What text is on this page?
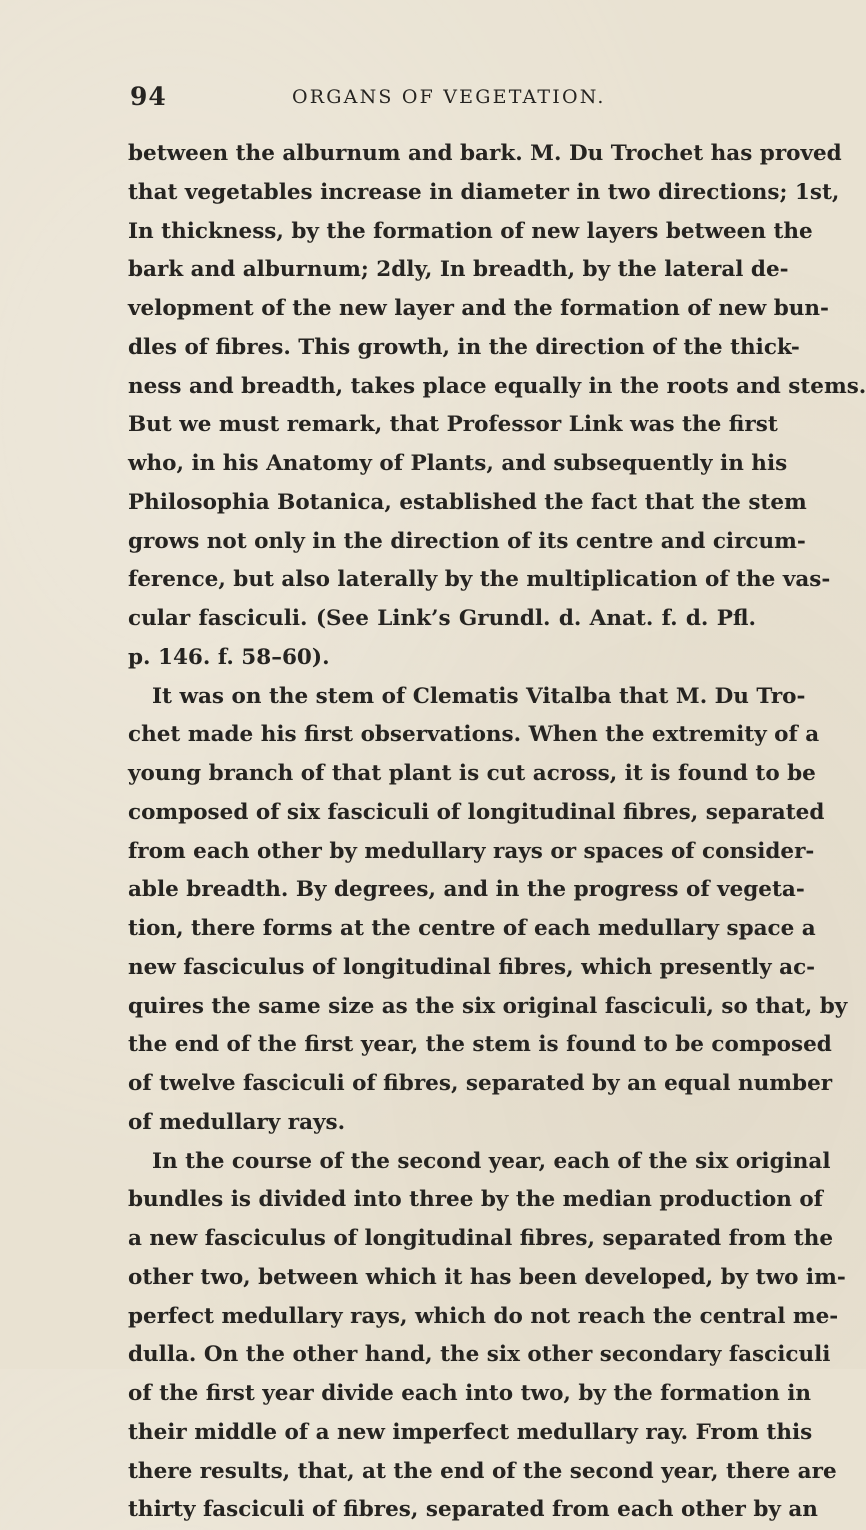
94	ORGANS OF VEGETATION.
between the alburnum and bark. M. Du Trochet has proved
that vegetables increase in diameter in two directions; 1st,
In thickness, by the formation of new layers between the
bark and alburnum; 2dly, In breadth, by the lateral de-
velopment of the new layer and the formation of new bun-
dles of fibres. This growth, in the direction of the thick-
ness and breadth, takes place equally in the roots and stems.
But we must remark, that Professor Link was the first
who, in his Anatomy of Plants, and subsequently in his
Philosophia Botanica, established the fact that the stem
grows not only in the direction of its centre and circum-
ference, but also laterally by the multiplication of the vas-
cular fasciculi. (See Link’s Grundl. d. Anat. f. d. Pfl.
p. 146. f. 58–60).
It was on the stem of Clematis Vitalba that M. Du Tro-
chet made his first observations. When the extremity of a
young branch of that plant is cut across, it is found to be
composed of six fasciculi of longitudinal fibres, separated
from each other by medullary rays or spaces of consider-
able breadth. By degrees, and in the progress of vegeta-
tion, there forms at the centre of each medullary space a
new fasciculus of longitudinal fibres, which presently ac-
quires the same size as the six original fasciculi, so that, by
the end of the first year, the stem is found to be composed
of twelve fasciculi of fibres, separated by an equal number
of medullary rays.
In the course of the second year, each of the six original
bundles is divided into three by the median production of
a new fasciculus of longitudinal fibres, separated from the
other two, between which it has been developed, by two im-
perfect medullary rays, which do not reach the central me-
dulla. On the other hand, the six other secondary fasciculi
of the first year divide each into two, by the formation in
their middle of a new imperfect medullary ray. From this
there results, that, at the end of the second year, there are
thirty fasciculi of fibres, separated from each other by an
